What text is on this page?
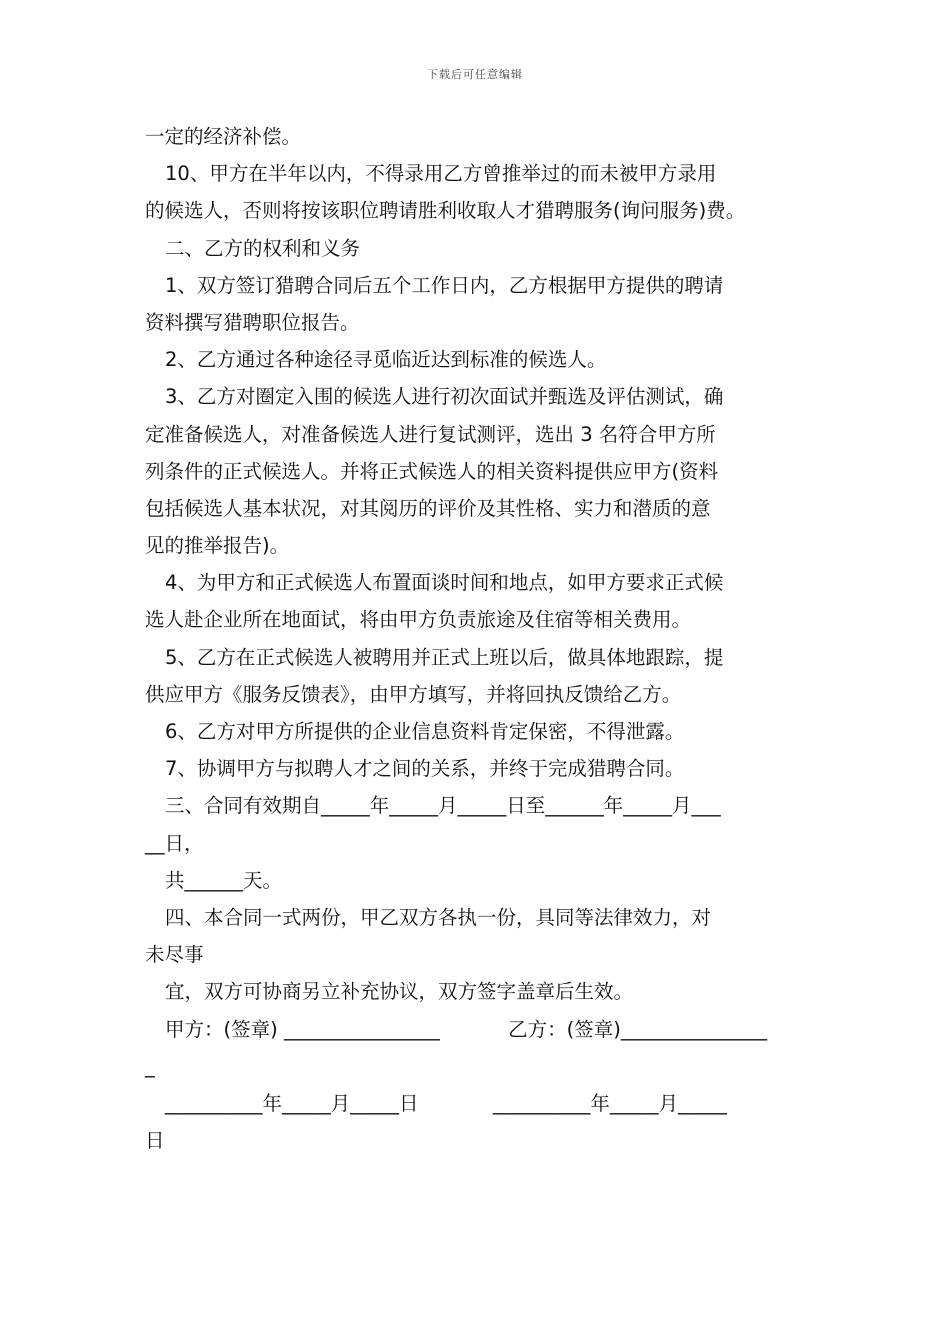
下载后可任意编辑
一定的经济补偿。
10、甲方在半年以内，不得录用乙方曾推举过的而未被甲方录用
的候选人，否则将按该职位聘请胜利收取人才猎聘服务(询问服务)费。
二、乙方的权利和义务
1、双方签订猎聘合同后五个工作日内，乙方根据甲方提供的聘请
资料撰写猎聘职位报告。
2、乙方通过各种途径寻觅临近达到标准的候选人。
3、乙方对圈定入围的候选人进行初次面试并甄选及评估测试，确
定准备候选人，对准备候选人进行复试测评，选出 3 名符合甲方所
列条件的正式候选人。并将正式候选人的相关资料提供应甲方(资料
包括候选人基本状况，对其阅历的评价及其性格、实力和潜质的意
见的推举报告)。
4、为甲方和正式候选人布置面谈时间和地点，如甲方要求正式候
选人赴企业所在地面试，将由甲方负责旅途及住宿等相关费用。
5、乙方在正式候选人被聘用并正式上班以后，做具体地跟踪，提
供应甲方《服务反馈表》，由甲方填写，并将回执反馈给乙方。
6、乙方对甲方所提供的企业信息资料肯定保密，不得泄露。
7、协调甲方与拟聘人才之间的关系，并终于完成猎聘合同。
三、合同有效期自_____年_____月_____日至______年_____月___
__日，
共______天。
四、本合同一式两份，甲乙双方各执一份，具同等法律效力，对
未尽事
宜，双方可协商另立补充协议，双方签字盖章后生效。
甲方：(签章) ________________           乙方：(签章)_______________
_
__________年_____月_____日            __________年_____月_____
日
